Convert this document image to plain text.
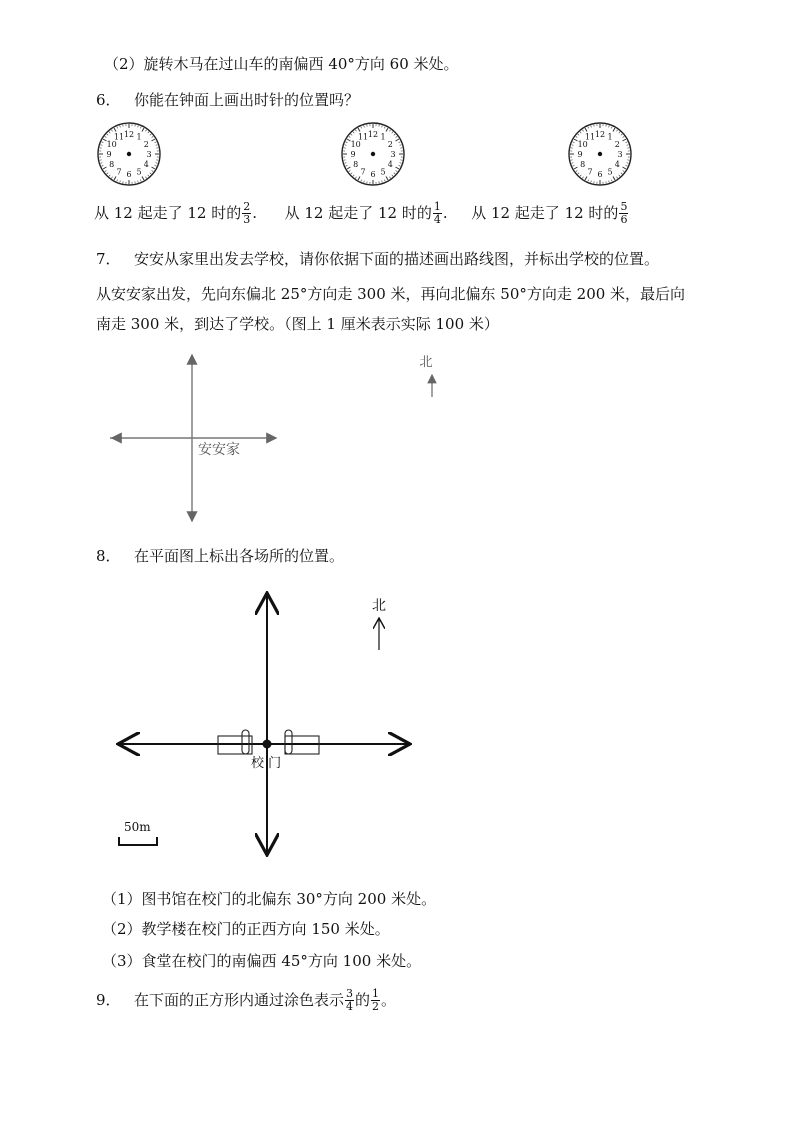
（2）旋转木马在过山车的南偏西 40°方向 60 米处。
6． 你能在钟面上画出时针的位置吗？
12 1
2
3
4
5
6
7
8
9
10
11	12 1
2
3
4
5
6
7
8
9
10
11	12 1
2
3
4
5
6
7
8
9
10
11
从 12 起走了 12 时的 $\frac{2}{3}$ . 从 12 起走了 12 时的 $\frac{1}{4}$ . 从 12 起走了 12 时的 $\frac{5}{6}$
7． 安安从家里出发去学校，请你依据下面的描述画出路线图，并标出学校的位置。
从安安家出发，先向东偏北 25°方向走 300 米，再向北偏东 50°方向走 200 米，最后向
南走 300 米，到达了学校。（图上 1 厘米表示实际 100 米）
安安家
北
8． 在平面图上标出各场所的位置。
校 门
北
50m
（1）图书馆在校门的北偏东 30°方向 200 米处。
（2）教学楼在校门的正西方向 150 米处。
（3）食堂在校门的南偏西 45°方向 100 米处。
9． 在下面的正方形内通过涂色表示 $\frac{3}{4}$ 的 $\frac{1}{2}$ 。
